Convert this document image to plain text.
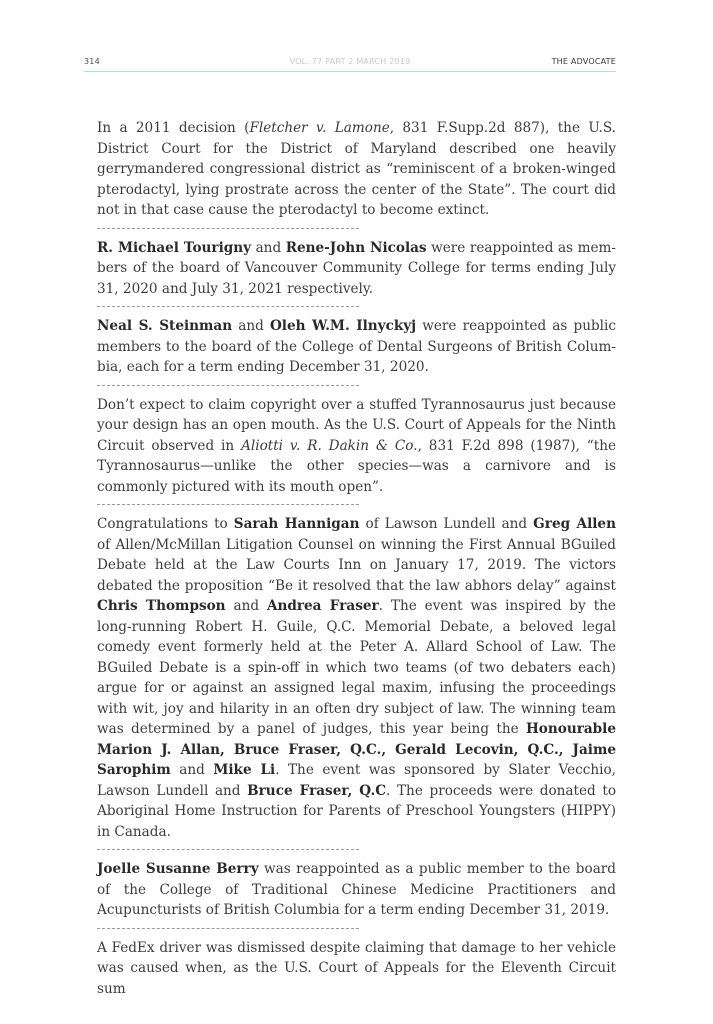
314	VOL. 77 PART 2 MARCH 2019	THE ADVOCATE

In a 2011 decision (Fletcher v. Lamone, 831 F.Supp.2d 887), the U.S. District Court for the District of Maryland described one heavily gerrymandered congressional district as “reminiscent of a broken-winged pterodactyl, lying prostrate across the center of the State”. The court did not in that case cause the pterodactyl to become extinct.

R. Michael Tourigny and Rene-John Nicolas were reappointed as members of the board of Vancouver Community College for terms ending July 31, 2020 and July 31, 2021 respectively.

Neal S. Steinman and Oleh W.M. Ilnyckyj were reappointed as public members to the board of the College of Dental Surgeons of British Columbia, each for a term ending December 31, 2020.

Don’t expect to claim copyright over a stuffed Tyrannosaurus just because your design has an open mouth. As the U.S. Court of Appeals for the Ninth Circuit observed in Aliotti v. R. Dakin & Co., 831 F.2d 898 (1987), “the Tyrannosaurus—unlike the other species—was a carnivore and is commonly pictured with its mouth open”.

Congratulations to Sarah Hannigan of Lawson Lundell and Greg Allen of Allen/McMillan Litigation Counsel on winning the First Annual BGuiled Debate held at the Law Courts Inn on January 17, 2019. The victors debated the proposition “Be it resolved that the law abhors delay” against Chris Thompson and Andrea Fraser. The event was inspired by the long-running Robert H. Guile, Q.C. Memorial Debate, a beloved legal comedy event formerly held at the Peter A. Allard School of Law. The BGuiled Debate is a spin-off in which two teams (of two debaters each) argue for or against an assigned legal maxim, infusing the proceedings with wit, joy and hilarity in an often dry subject of law. The winning team was determined by a panel of judges, this year being the Honourable Marion J. Allan, Bruce Fraser, Q.C., Gerald Lecovin, Q.C., Jaime Sarophim and Mike Li. The event was sponsored by Slater Vecchio, Lawson Lundell and Bruce Fraser, Q.C. The proceeds were donated to Aboriginal Home Instruction for Parents of Preschool Youngsters (HIPPY) in Canada.

Joelle Susanne Berry was reappointed as a public member to the board of the College of Traditional Chinese Medicine Practitioners and Acupuncturists of British Columbia for a term ending December 31, 2019.

A FedEx driver was dismissed despite claiming that damage to her vehicle was caused when, as the U.S. Court of Appeals for the Eleventh Circuit sum
